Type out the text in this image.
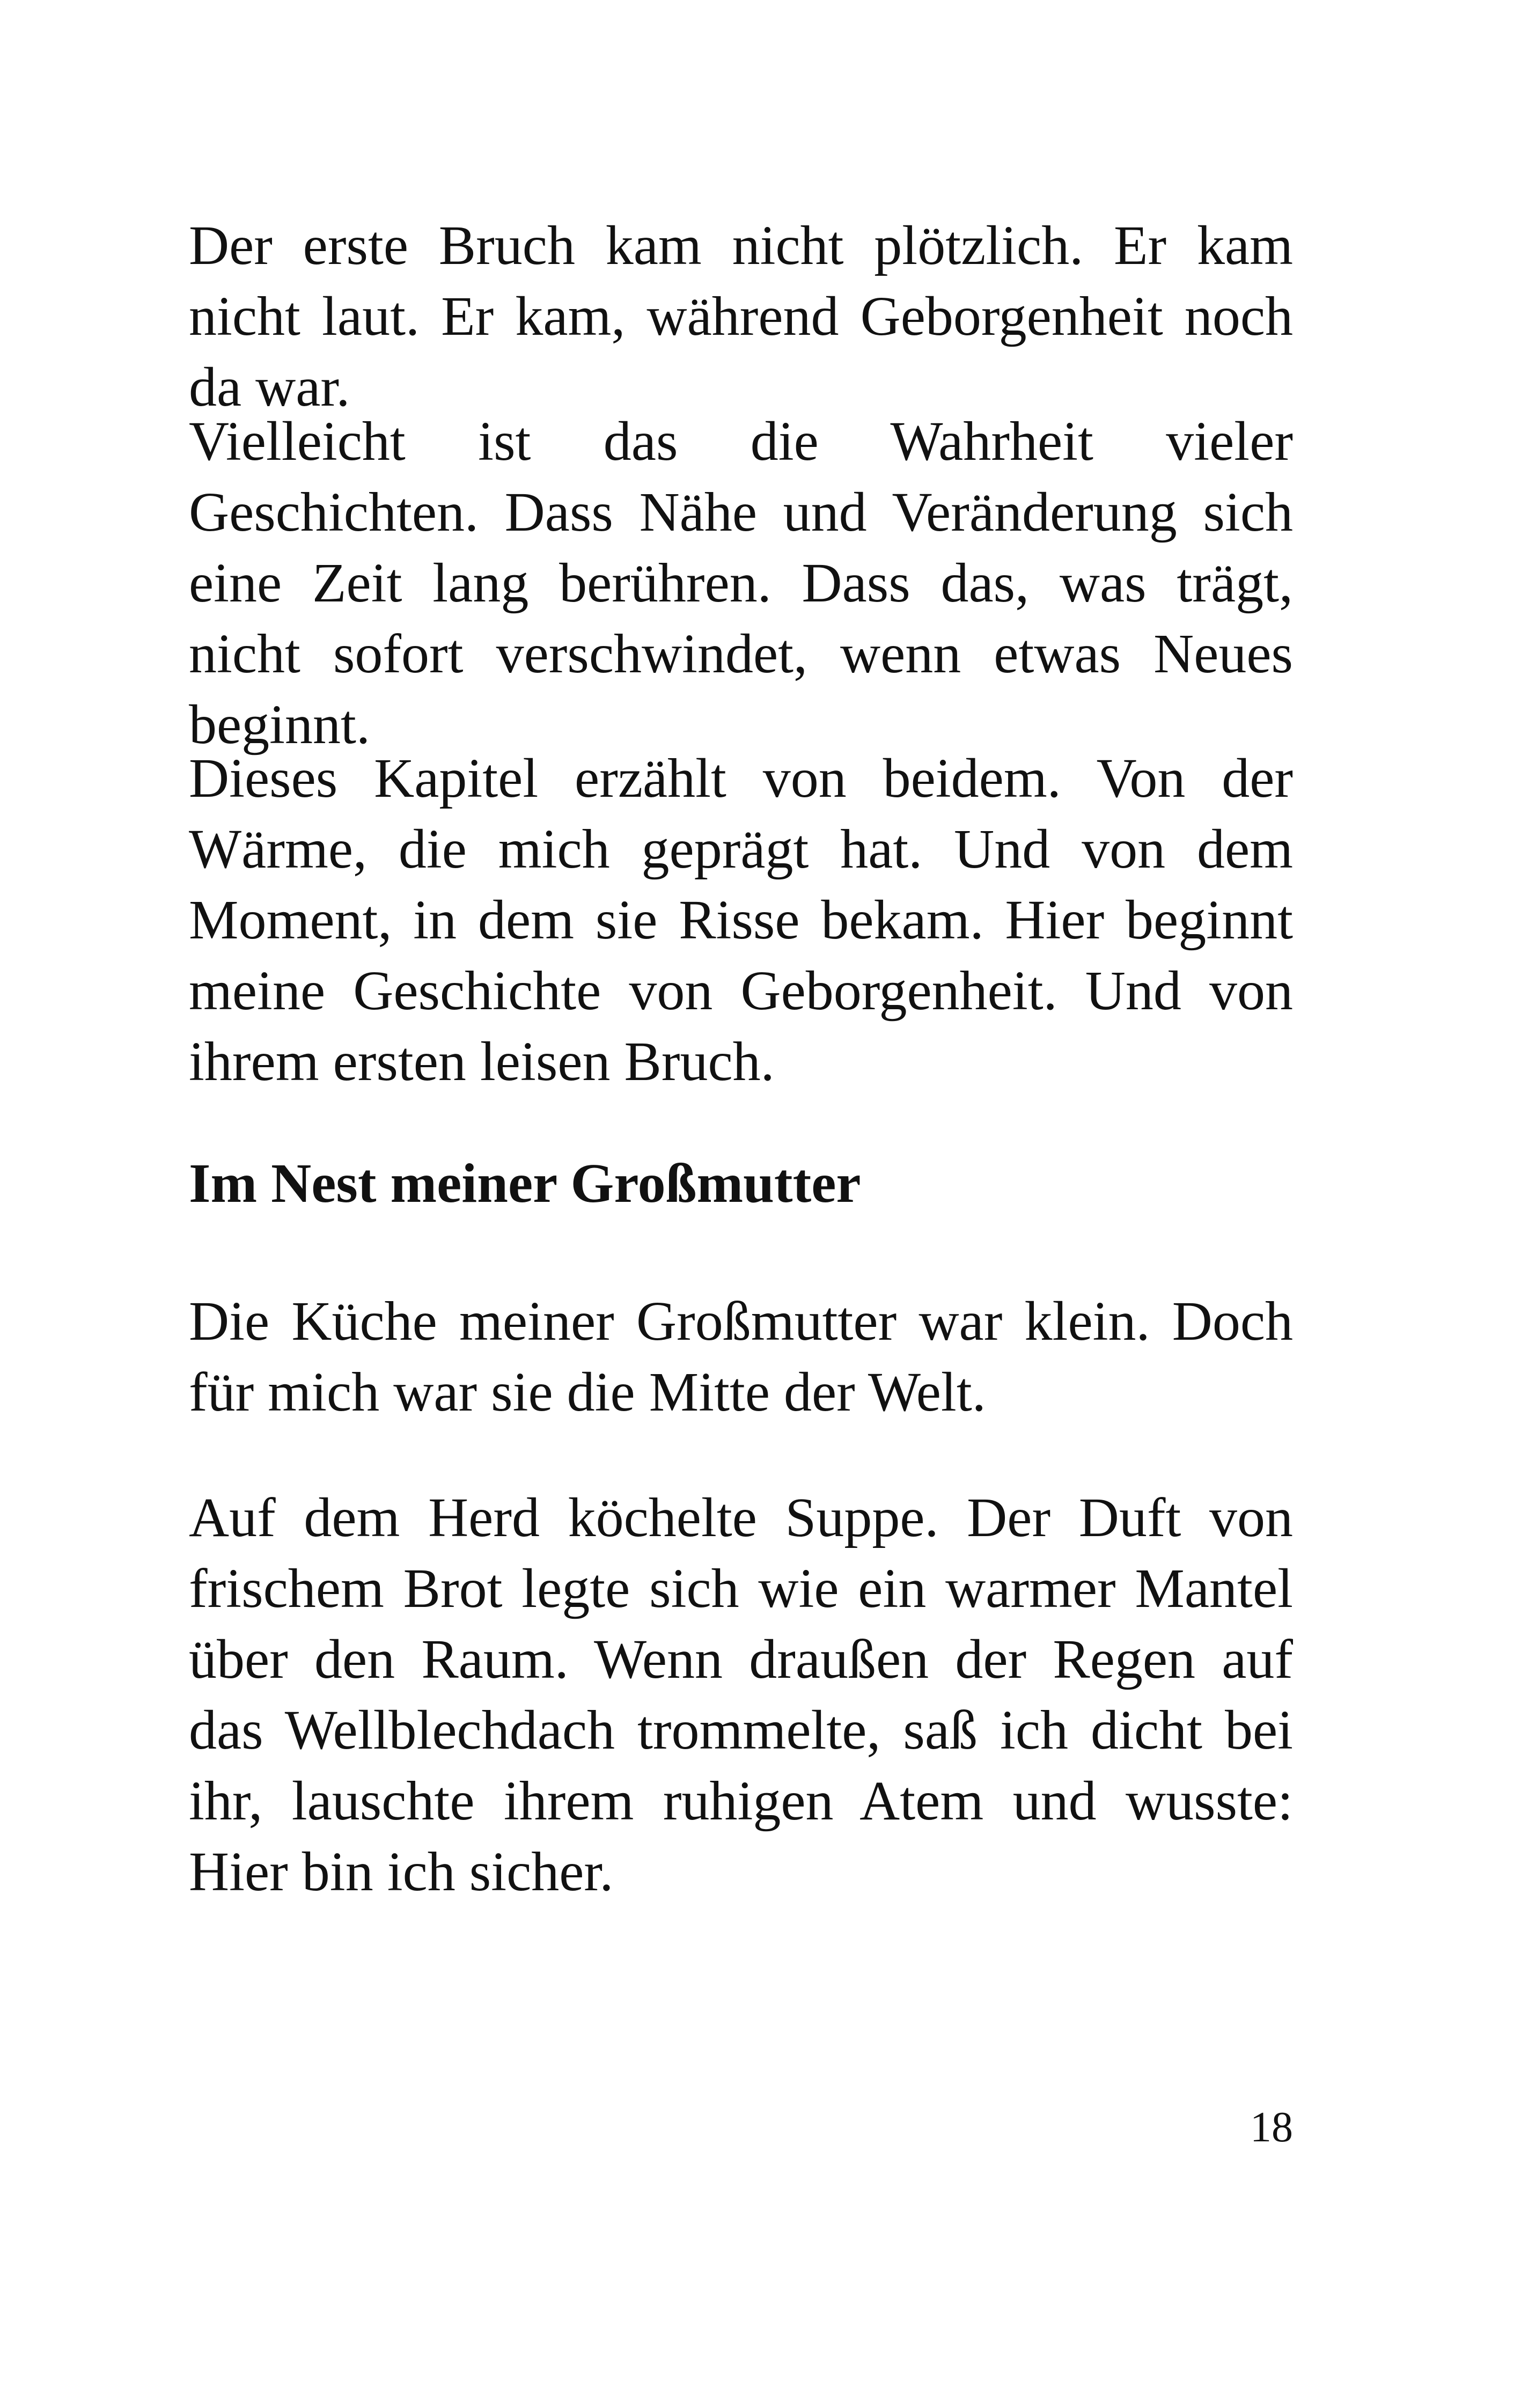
Der erste Bruch kam nicht plötzlich. Er kam nicht laut. Er kam, während Geborgenheit noch da war.

Vielleicht ist das die Wahrheit vieler Geschichten. Dass Nähe und Veränderung sich eine Zeit lang berühren. Dass das, was trägt, nicht sofort verschwindet, wenn etwas Neues beginnt.

Dieses Kapitel erzählt von beidem. Von der Wärme, die mich geprägt hat. Und von dem Moment, in dem sie Risse bekam. Hier beginnt meine Geschichte von Geborgenheit. Und von ihrem ersten leisen Bruch.

Im Nest meiner Großmutter

Die Küche meiner Großmutter war klein. Doch für mich war sie die Mitte der Welt.

Auf dem Herd köchelte Suppe. Der Duft von frischem Brot legte sich wie ein warmer Mantel über den Raum. Wenn draußen der Regen auf das Wellblechdach trommelte, saß ich dicht bei ihr, lauschte ihrem ruhigen Atem und wusste: Hier bin ich sicher.

18
